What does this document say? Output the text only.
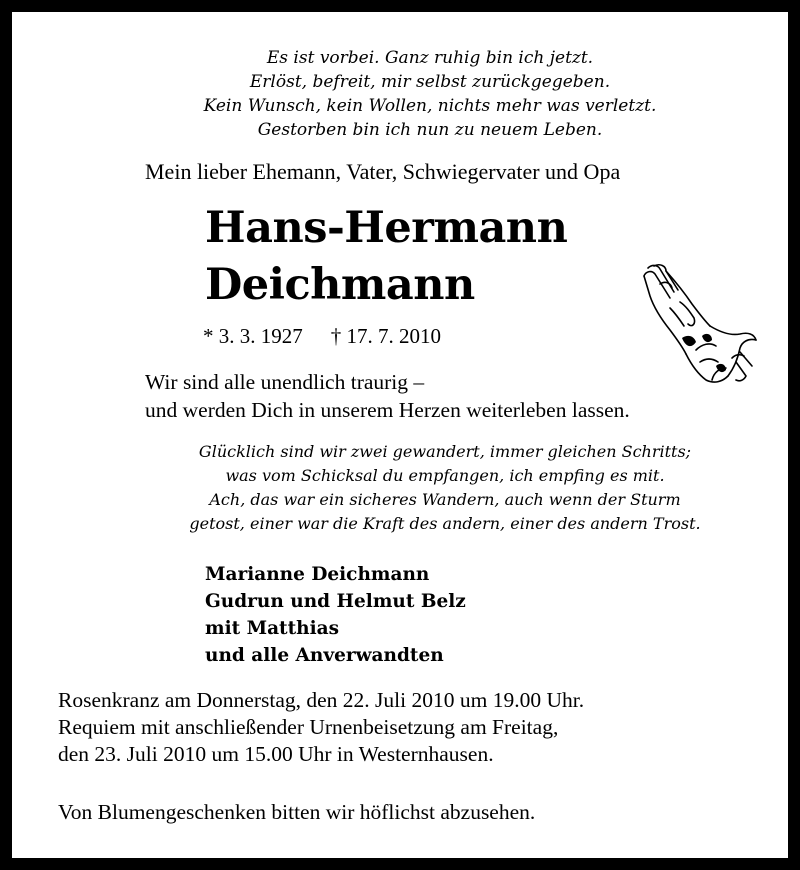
Es ist vorbei. Ganz ruhig bin ich jetzt.
Erlöst, befreit, mir selbst zurückgegeben.
Kein Wunsch, kein Wollen, nichts mehr was verletzt.
Gestorben bin ich nun zu neuem Leben.
Mein lieber Ehemann, Vater, Schwiegervater und Opa
Hans-Hermann
Deichmann
* 3. 3. 1927 † 17. 7. 2010
Wir sind alle unendlich traurig –
und werden Dich in unserem Herzen weiterleben lassen.
Glücklich sind wir zwei gewandert, immer gleichen Schritts;
was vom Schicksal du empfangen, ich empfing es mit.
Ach, das war ein sicheres Wandern, auch wenn der Sturm
getost, einer war die Kraft des andern, einer des andern Trost.
Marianne Deichmann
Gudrun und Helmut Belz
mit Matthias
und alle Anverwandten
Rosenkranz am Donnerstag, den 22. Juli 2010 um 19.00 Uhr.
Requiem mit anschließender Urnenbeisetzung am Freitag,
den 23. Juli 2010 um 15.00 Uhr in Westernhausen.
Von Blumengeschenken bitten wir höflichst abzusehen.
